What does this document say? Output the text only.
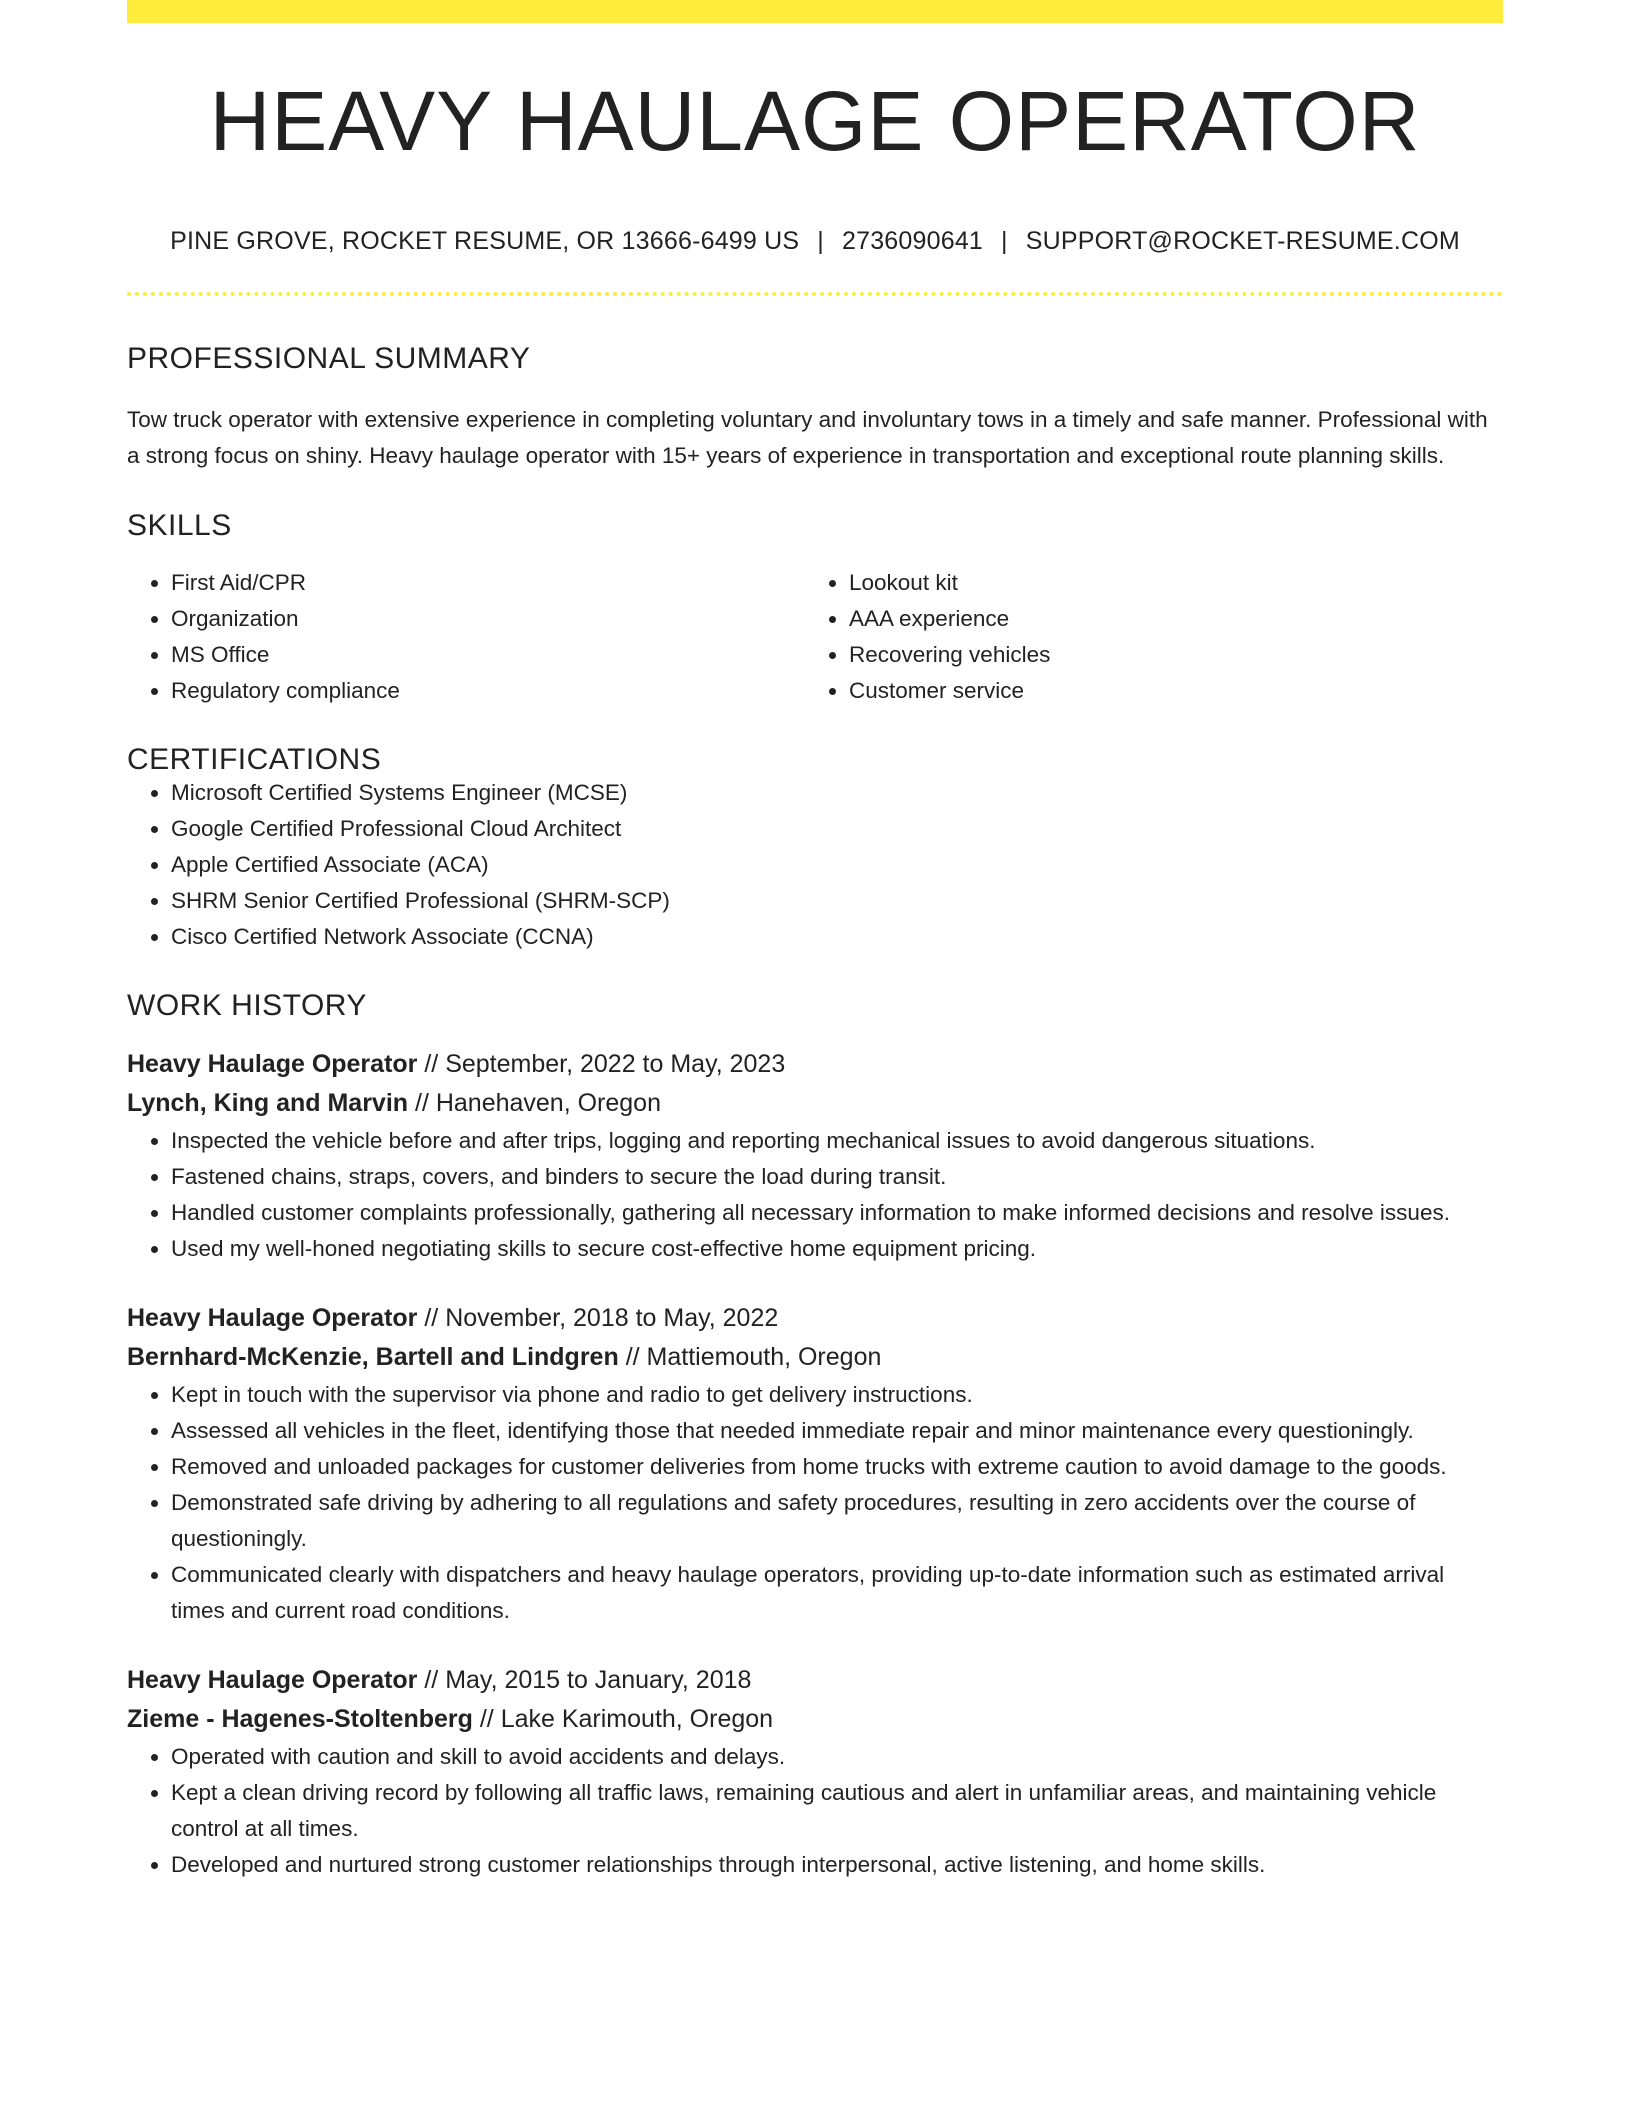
HEAVY HAULAGE OPERATOR
PINE GROVE, ROCKET RESUME, OR 13666-6499 US | 2736090641 | SUPPORT@ROCKET-RESUME.COM
PROFESSIONAL SUMMARY
Tow truck operator with extensive experience in completing voluntary and involuntary tows in a timely and safe manner. Professional with a strong focus on shiny. Heavy haulage operator with 15+ years of experience in transportation and exceptional route planning skills.
SKILLS
• First Aid/CPR
• Organization
• MS Office
• Regulatory compliance
• Lookout kit
• AAA experience
• Recovering vehicles
• Customer service
CERTIFICATIONS
• Microsoft Certified Systems Engineer (MCSE)
• Google Certified Professional Cloud Architect
• Apple Certified Associate (ACA)
• SHRM Senior Certified Professional (SHRM-SCP)
• Cisco Certified Network Associate (CCNA)
WORK HISTORY
Heavy Haulage Operator // September, 2022 to May, 2023
Lynch, King and Marvin // Hanehaven, Oregon
• Inspected the vehicle before and after trips, logging and reporting mechanical issues to avoid dangerous situations.
• Fastened chains, straps, covers, and binders to secure the load during transit.
• Handled customer complaints professionally, gathering all necessary information to make informed decisions and resolve issues.
• Used my well-honed negotiating skills to secure cost-effective home equipment pricing.
Heavy Haulage Operator // November, 2018 to May, 2022
Bernhard-McKenzie, Bartell and Lindgren // Mattiemouth, Oregon
• Kept in touch with the supervisor via phone and radio to get delivery instructions.
• Assessed all vehicles in the fleet, identifying those that needed immediate repair and minor maintenance every questioningly.
• Removed and unloaded packages for customer deliveries from home trucks with extreme caution to avoid damage to the goods.
• Demonstrated safe driving by adhering to all regulations and safety procedures, resulting in zero accidents over the course of questioningly.
• Communicated clearly with dispatchers and heavy haulage operators, providing up-to-date information such as estimated arrival times and current road conditions.
Heavy Haulage Operator // May, 2015 to January, 2018
Zieme - Hagenes-Stoltenberg // Lake Karimouth, Oregon
• Operated with caution and skill to avoid accidents and delays.
• Kept a clean driving record by following all traffic laws, remaining cautious and alert in unfamiliar areas, and maintaining vehicle control at all times.
• Developed and nurtured strong customer relationships through interpersonal, active listening, and home skills.
